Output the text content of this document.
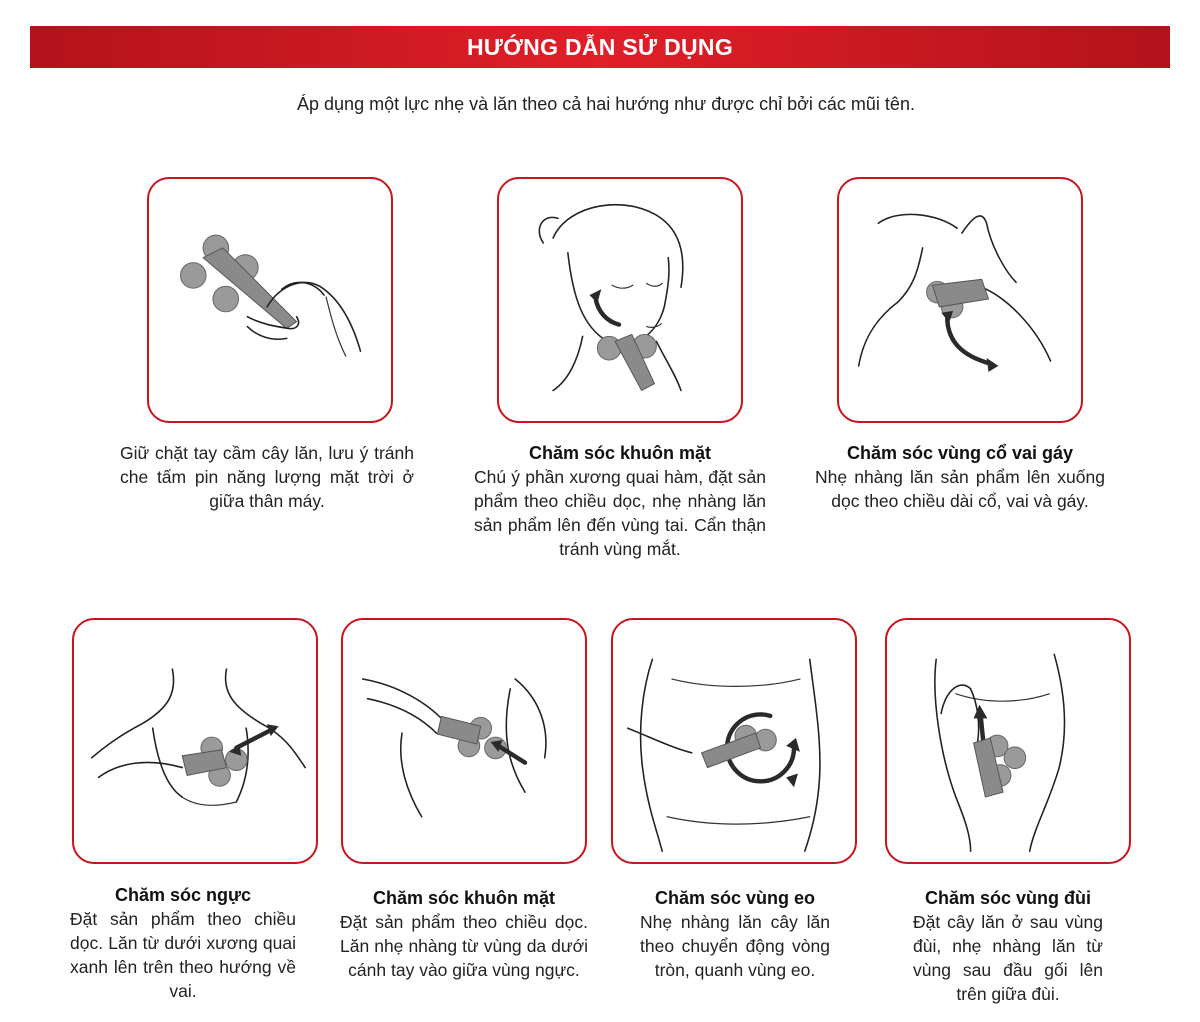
HƯỚNG DẪN SỬ DỤNG
Áp dụng một lực nhẹ và lăn theo cả hai hướng như được chỉ bởi các mũi tên.
Giữ chặt tay cầm cây lăn, lưu ý tránh che tấm pin năng lượng mặt trời ở giữa thân máy.
Chăm sóc khuôn mặt
Chú ý phần xương quai hàm, đặt sản phẩm theo chiều dọc, nhẹ nhàng lăn sản phẩm lên đến vùng tai. Cẩn thận tránh vùng mắt.
Chăm sóc vùng cổ vai gáy
Nhẹ nhàng lăn sản phẩm lên xuống dọc theo chiều dài cổ, vai và gáy.
Chăm sóc ngực
Đặt sản phẩm theo chiều dọc. Lăn từ dưới xương quai xanh lên trên theo hướng về vai.
Chăm sóc khuôn mặt
Đặt sản phẩm theo chiều dọc. Lăn nhẹ nhàng từ vùng da dưới cánh tay vào giữa vùng ngực.
Chăm sóc vùng eo
Nhẹ nhàng lăn cây lăn theo chuyển động vòng tròn, quanh vùng eo.
Chăm sóc vùng đùi
Đặt cây lăn ở sau vùng đùi, nhẹ nhàng lăn từ vùng sau đầu gối lên trên giữa đùi.
